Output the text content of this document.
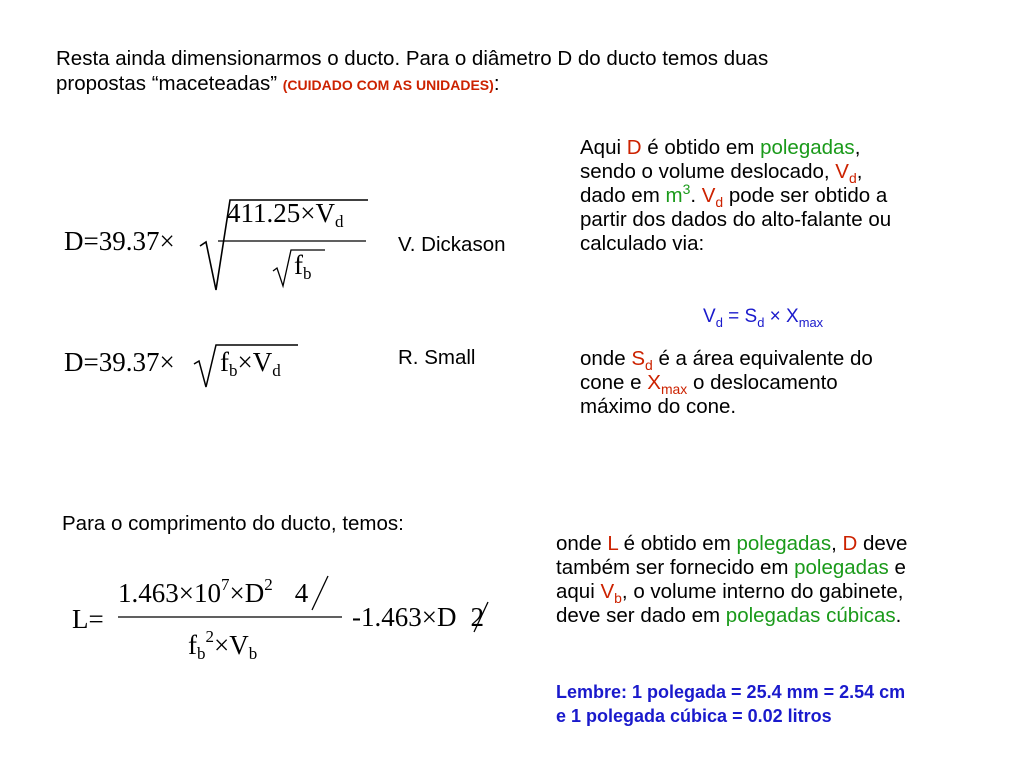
Resta ainda dimensionarmos o ducto. Para o diâmetro D do ducto temos duas
propostas “maceteadas” (CUIDADO COM AS UNIDADES):
D=39.37×
411.25×Vd
fb
V. Dickason
D=39.37× fb×Vd
R. Small
Aqui D é obtido em polegadas,
sendo o volume deslocado, $V_d$,
dado em $m^3$. $V_d$ pode ser obtido a
partir dos dados do alto-falante ou
calculado via:
$V_d = S_d \times X_{max}$
onde $S_d$ é a área equivalente do
cone e $X_{max}$ o deslocamento
máximo do cone.
Para o comprimento do ducto, temos:
L=
$1.463\times 10^7\times D^2$ 4
$fb^2\times Vb$
-1.463×D 2
onde L é obtido em polegadas, D deve
também ser fornecido em polegadas e
aqui $V_b$, o volume interno do gabinete,
deve ser dado em polegadas cúbicas.
Lembre: 1 polegada = 25.4 mm = 2.54 cm
e 1 polegada cúbica = 0.02 litros
